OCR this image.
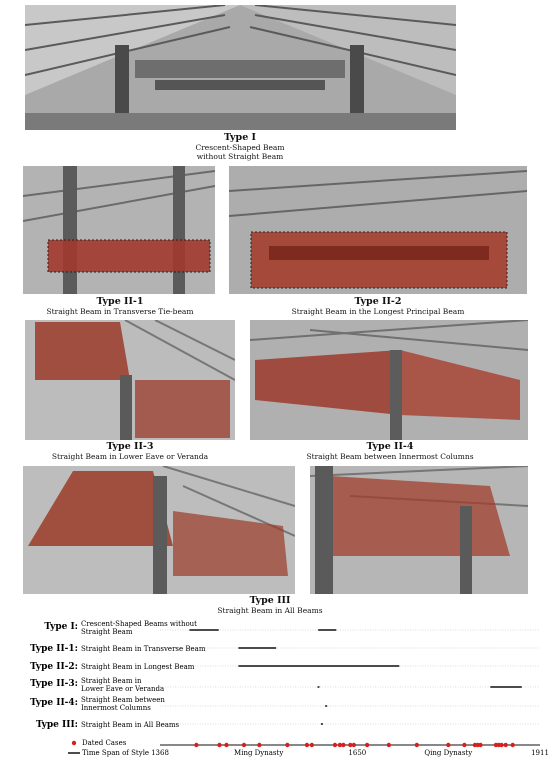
Type I
Crescent-Shaped Beam
without Straight Beam
Type II-1
Straight Beam in Transverse Tie-beam
Type II-2
Straight Beam in the Longest Principal Beam
Type II-3
Straight Beam in Lower Eave or Veranda
Type II-4
Straight Beam between Innermost Columns
Type III
Straight Beam in All Beams
Type I: Crescent-Shaped Beams without
Straight Beam
Type II-1: Straight Beam in Transverse Beam
Type II-2: Straight Beam in Longest Beam
Type II-3: Straight Beam in
Lower Eave or Veranda
Type II-4: Straight Beam between
Innermost Columns
Type III: Straight Beam in All Beams
1368	Ming Dynasty	1650	Qing Dynasty	1911
Dated Cases
Time Span of Style
